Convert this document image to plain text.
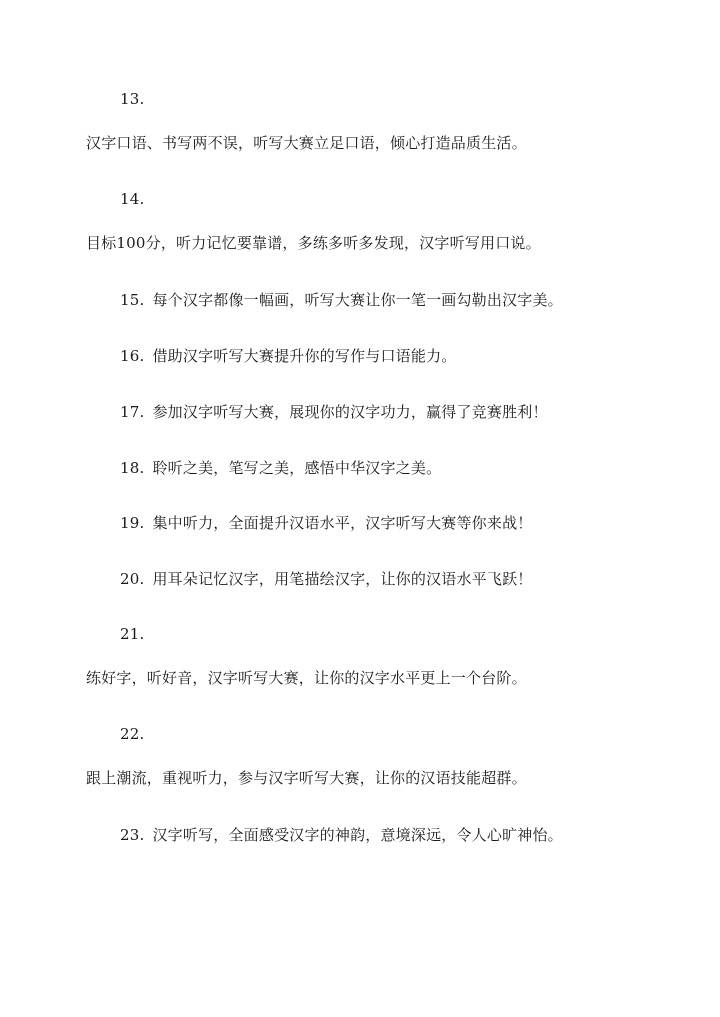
13.
汉字口语、书写两不误，听写大赛立足口语，倾心打造品质生活。
14.
目标100分，听力记忆要靠谱，多练多听多发现，汉字听写用口说。
15. 每个汉字都像一幅画，听写大赛让你一笔一画勾勒出汉字美。
16. 借助汉字听写大赛提升你的写作与口语能力。
17. 参加汉字听写大赛，展现你的汉字功力，赢得了竞赛胜利！
18. 聆听之美，笔写之美，感悟中华汉字之美。
19. 集中听力，全面提升汉语水平，汉字听写大赛等你来战！
20. 用耳朵记忆汉字，用笔描绘汉字，让你的汉语水平飞跃！
21.
练好字，听好音，汉字听写大赛，让你的汉字水平更上一个台阶。
22.
跟上潮流，重视听力，参与汉字听写大赛，让你的汉语技能超群。
23. 汉字听写，全面感受汉字的神韵，意境深远，令人心旷神怡。
